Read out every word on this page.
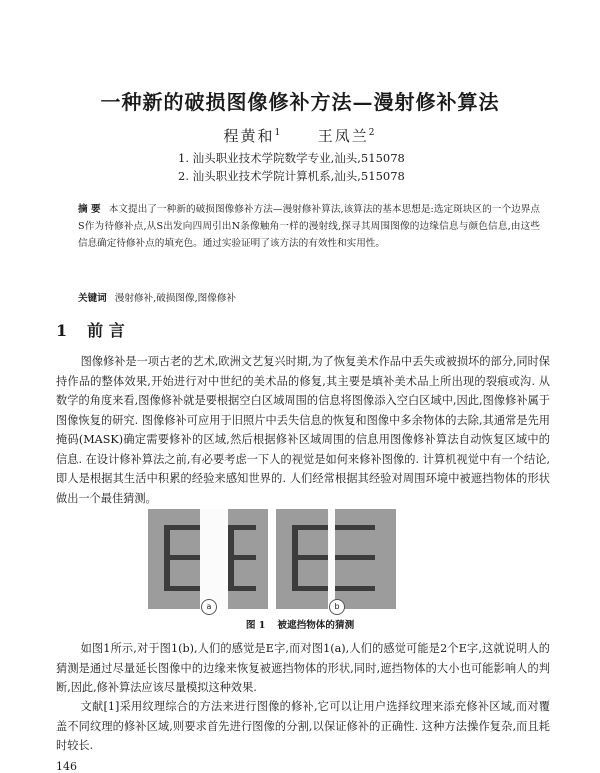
一种新的破损图像修补方法—漫射修补算法
程黄和$^1$ 王凤兰$^2$
1. 汕头职业技术学院数学专业,汕头,515078
2. 汕头职业技术学院计算机系,汕头,515078
摘 要 本文提出了一种新的破损图像修补方法—漫射修补算法,该算法的基本思想是:选定斑块区的一个边界点S作为待修补点,从S出发向四周引出N条像触角一样的漫射线,探寻其周围图像的边缘信息与颜色信息,由这些信息确定待修补点的填充色。通过实验证明了该方法的有效性和实用性。
关键词 漫射修补,破损图像,图像修补
1 前 言
图像修补是一项古老的艺术,欧洲文艺复兴时期,为了恢复美术作品中丢失或被损坏的部分,同时保持作品的整体效果,开始进行对中世纪的美术品的修复,其主要是填补美术品上所出现的裂痕或沟. 从数学的角度来看,图像修补就是要根据空白区域周围的信息将图像添入空白区域中,因此,图像修补属于图像恢复的研究. 图像修补可应用于旧照片中丢失信息的恢复和图像中多余物体的去除,其通常是先用掩码(MASK)确定需要修补的区域,然后根据修补区域周围的信息用图像修补算法自动恢复区域中的信息. 在设计修补算法之前,有必要考虑一下人的视觉是如何来修补图像的. 计算机视觉中有一个结论,即人是根据其生活中积累的经验来感知世界的. 人们经常根据其经验对周围环境中被遮挡物体的形状做出一个最佳猜测。
a	b
图 1 被遮挡物体的猜测
如图1所示,对于图1(b),人们的感觉是E字,而对图1(a),人们的感觉可能是2个E字,这就说明人的猜测是通过尽量延长图像中的边缘来恢复被遮挡物体的形状,同时,遮挡物体的大小也可能影响人的判断,因此,修补算法应该尽量模拟这种效果.
文献[1]采用纹理综合的方法来进行图像的修补,它可以让用户选择纹理来添充修补区域,而对覆盖不同纹理的修补区域,则要求首先进行图像的分割,以保证修补的正确性. 这种方法操作复杂,而且耗时较长.
146
